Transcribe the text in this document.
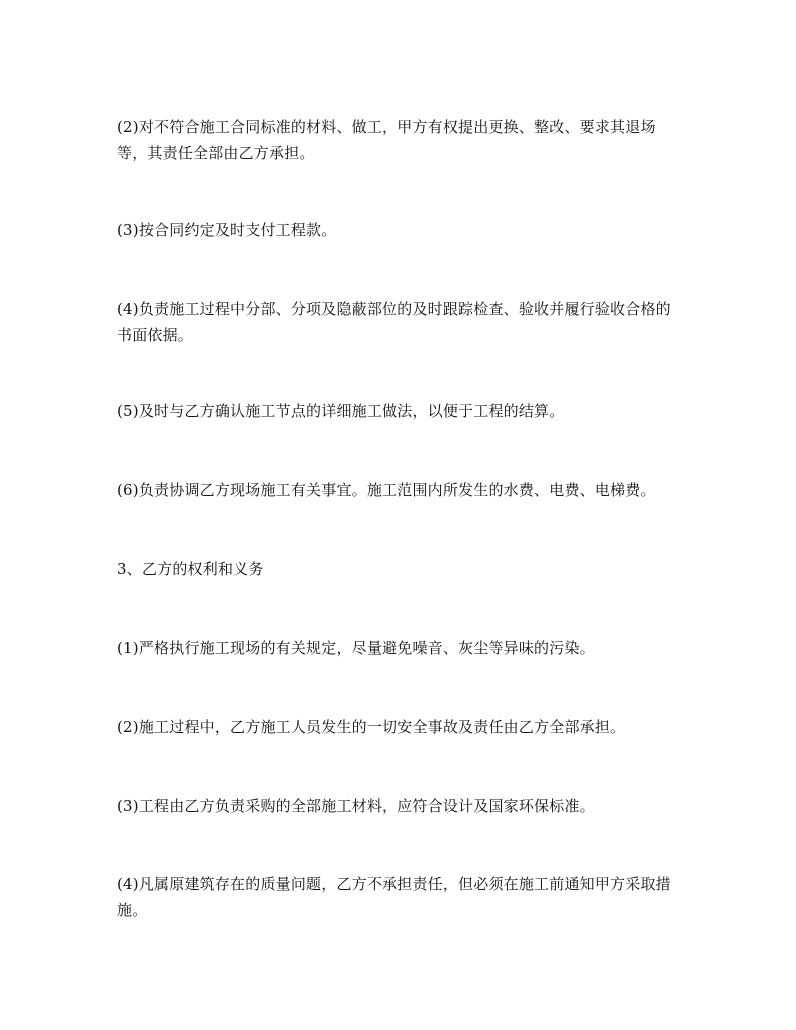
(2)对不符合施工合同标准的材料、做工，甲方有权提出更换、整改、要求其退场等，其责任全部由乙方承担。

(3)按合同约定及时支付工程款。

(4)负责施工过程中分部、分项及隐蔽部位的及时跟踪检查、验收并履行验收合格的书面依据。

(5)及时与乙方确认施工节点的详细施工做法，以便于工程的结算。

(6)负责协调乙方现场施工有关事宜。施工范围内所发生的水费、电费、电梯费。

3、乙方的权利和义务

(1)严格执行施工现场的有关规定，尽量避免噪音、灰尘等异味的污染。

(2)施工过程中，乙方施工人员发生的一切安全事故及责任由乙方全部承担。

(3)工程由乙方负责采购的全部施工材料，应符合设计及国家环保标准。

(4)凡属原建筑存在的质量问题，乙方不承担责任，但必须在施工前通知甲方采取措施。
